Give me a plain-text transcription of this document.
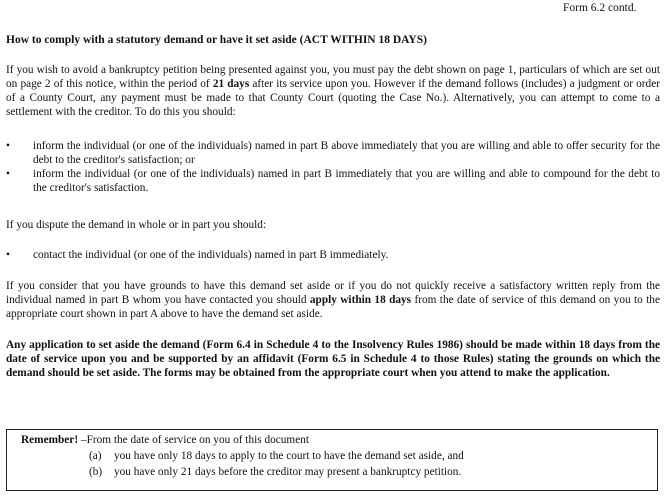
Form 6.2 contd.
How to comply with a statutory demand or have it set aside (ACT WITHIN 18 DAYS)

If you wish to avoid a bankruptcy petition being presented against you, you must pay the debt shown on page 1, particulars of which are set out on page 2 of this notice, within the period of 21 days after its service upon you. However if the demand follows (includes) a judgment or order of a County Court, any payment must be made to that County Court (quoting the Case No.). Alternatively, you can attempt to come to a settlement with the creditor. To do this you should:

• inform the individual (or one of the individuals) named in part B above immediately that you are willing and able to offer security for the debt to the creditor's satisfaction; or
• inform the individual (or one of the individuals) named in part B immediately that you are willing and able to compound for the debt to the creditor's satisfaction.

If you dispute the demand in whole or in part you should:

• contact the individual (or one of the individuals) named in part B immediately.

If you consider that you have grounds to have this demand set aside or if you do not quickly receive a satisfactory written reply from the individual named in part B whom you have contacted you should apply within 18 days from the date of service of this demand on you to the appropriate court shown in part A above to have the demand set aside.

Any application to set aside the demand (Form 6.4 in Schedule 4 to the Insolvency Rules 1986) should be made within 18 days from the date of service upon you and be supported by an affidavit (Form 6.5 in Schedule 4 to those Rules) stating the grounds on which the demand should be set aside. The forms may be obtained from the appropriate court when you attend to make the application.

Remember! –From the date of service on you of this document
(a) you have only 18 days to apply to the court to have the demand set aside, and
(b) you have only 21 days before the creditor may present a bankruptcy petition.
